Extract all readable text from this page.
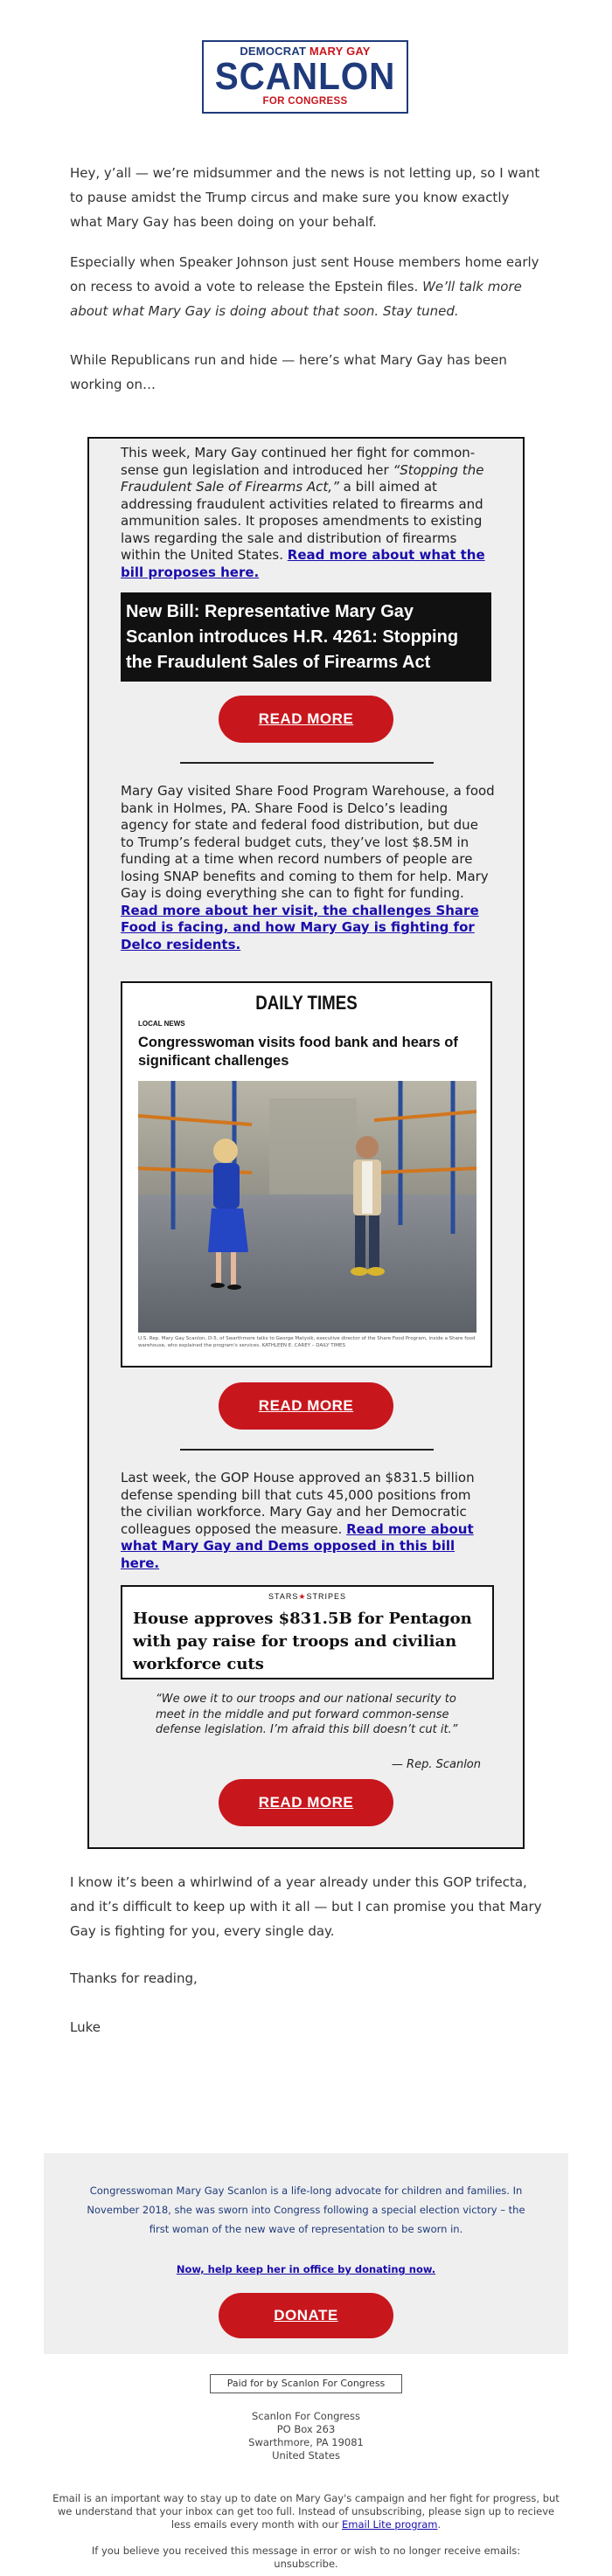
DEMOCRAT MARY GAY
SCANLON
FOR CONGRESS

Hey, y’all — we’re midsummer and the news is not letting up, so I want to pause amidst the Trump circus and make sure you know exactly what Mary Gay has been doing on your behalf.

Especially when Speaker Johnson just sent House members home early on recess to avoid a vote to release the Epstein files. We’ll talk more about what Mary Gay is doing about that soon. Stay tuned.

While Republicans run and hide — here’s what Mary Gay has been working on…

This week, Mary Gay continued her fight for common-sense gun legislation and introduced her “Stopping the Fraudulent Sale of Firearms Act,” a bill aimed at addressing fraudulent activities related to firearms and ammunition sales. It proposes amendments to existing laws regarding the sale and distribution of firearms within the United States. Read more about what the bill proposes here.

New Bill: Representative Mary Gay Scanlon introduces H.R. 4261: Stopping the Fraudulent Sales of Firearms Act
READ MORE

Mary Gay visited Share Food Program Warehouse, a food bank in Holmes, PA. Share Food is Delco’s leading agency for state and federal food distribution, but due to Trump’s federal budget cuts, they’ve lost $8.5M in funding at a time when record numbers of people are losing SNAP benefits and coming to them for help. Mary Gay is doing everything she can to fight for funding. Read more about her visit, the challenges Share Food is facing, and how Mary Gay is fighting for Delco residents.

DAILY TIMES
LOCAL NEWS
Congresswoman visits food bank and hears of significant challenges
U.S. Rep. Mary Gay Scanlon, D-5, of Swarthmore talks to George Matysik, executive director of the Share Food Program, inside a Share food warehouse, who explained the program's services. KATHLEEN E. CAREY – DAILY TIMES
READ MORE

Last week, the GOP House approved an $831.5 billion defense spending bill that cuts 45,000 positions from the civilian workforce. Mary Gay and her Democratic colleagues opposed the measure. Read more about what Mary Gay and Dems opposed in this bill here.

STARS★STRIPES
House approves $831.5B for Pentagon with pay raise for troops and civilian workforce cuts

“We owe it to our troops and our national security to meet in the middle and put forward common-sense defense legislation. I’m afraid this bill doesn’t cut it.”

— Rep. Scanlon

READ MORE

I know it’s been a whirlwind of a year already under this GOP trifecta, and it’s difficult to keep up with it all — but I can promise you that Mary Gay is fighting for you, every single day.

Thanks for reading,

Luke

Congresswoman Mary Gay Scanlon is a life-long advocate for children and families. In November 2018, she was sworn into Congress following a special election victory – the first woman of the new wave of representation to be sworn in.

Now, help keep her in office by donating now.
DONATE
Paid for by Scanlon For Congress
Scanlon For Congress
PO Box 263
Swarthmore, PA 19081
United States

Email is an important way to stay up to date on Mary Gay's campaign and her fight for progress, but we understand that your inbox can get too full. Instead of unsubscribing, please sign up to recieve less emails every month with our Email Lite program.

If you believe you received this message in error or wish to no longer receive emails:

unsubscribe.
